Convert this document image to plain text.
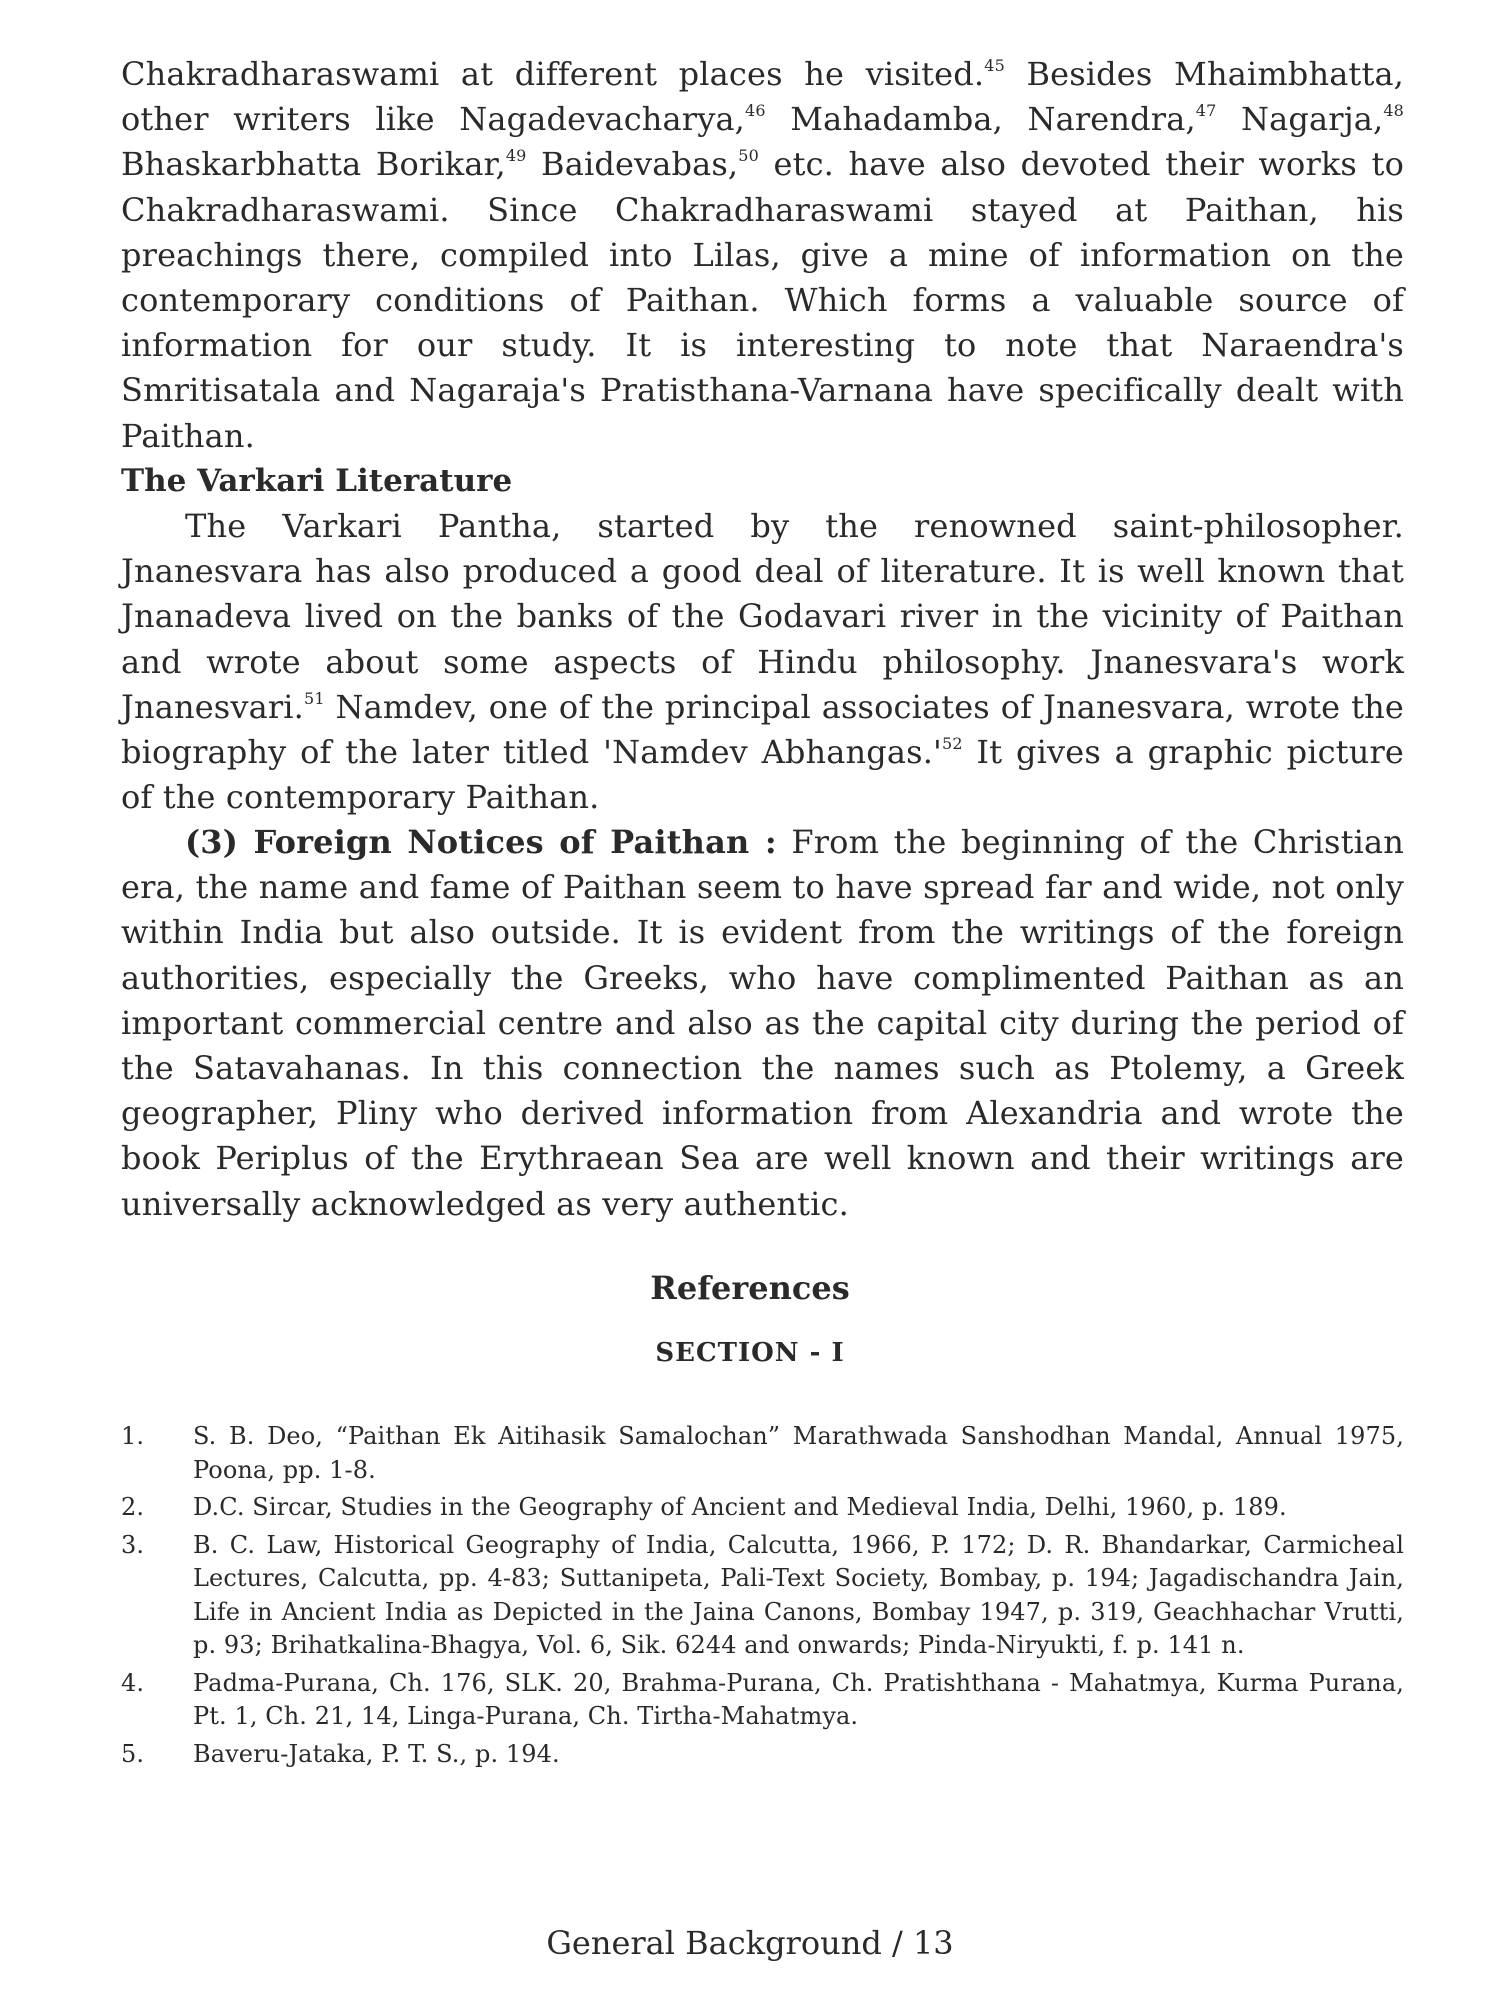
Chakradharaswami at different places he visited.$^{45}$ Besides Mhaimbhatta, other writers like Nagadevacharya,$^{46}$ Mahadamba, Narendra,$^{47}$ Nagarja,$^{48}$ Bhaskarbhatta Borikar,$^{49}$ Baidevabas,$^{50}$ etc. have also devoted their works to Chakradharaswami. Since Chakradharaswami stayed at Paithan, his preachings there, compiled into Lilas, give a mine of information on the contemporary conditions of Paithan. Which forms a valuable source of information for our study. It is interesting to note that Naraendra's Smritisatala and Nagaraja's Pratisthana-Varnana have specifically dealt with

Paithan.

The Varkari Literature

The Varkari Pantha, started by the renowned saint-philosopher. Jnanesvara has also produced a good deal of literature. It is well known that Jnanadeva lived on the banks of the Godavari river in the vicinity of Paithan and wrote about some aspects of Hindu philosophy. Jnanesvara's work Jnanesvari.$^{51}$ Namdev, one of the principal associates of Jnanesvara, wrote the biography of the later titled 'Namdev $Abhangas.'^{52}$ It gives a graphic picture of the contemporary Paithan.

(3) Foreign Notices of Paithan : From the beginning of the Christian era, the name and fame of Paithan seem to have spread far and wide, not only within India but also outside. It is evident from the writings of the foreign authorities, especially the Greeks, who have complimented Paithan as an important commercial centre and also as the capital city during the period of the Satavahanas. In this connection the names such as Ptolemy, a Greek geographer, Pliny who derived information from Alexandria and wrote the book Periplus of the Erythraean Sea are well known and their writings are universally acknowledged as very authentic.

References

SECTION - I

1. S. B. Deo, “Paithan Ek Aitihasik Samalochan” Marathwada Sanshodhan Mandal, Annual 1975, Poona, pp. 1-8.
2. D.C. Sircar, Studies in the Geography of Ancient and Medieval India, Delhi, 1960, p. 189.
3. B. C. Law, Historical Geography of India, Calcutta, 1966, P. 172; D. R. Bhandarkar, Carmicheal Lectures, Calcutta, pp. 4-83; Suttanipeta, Pali-Text Society, Bombay, p. 194; Jagadischandra Jain, Life in Ancient India as Depicted in the Jaina Canons, Bombay 1947, p. 319, Geachhachar Vrutti, p. 93; Brihatkalina-Bhagya, Vol. 6, Sik. 6244 and onwards; Pinda-Niryukti, f. p. 141 n.
4. Padma-Purana, Ch. 176, SLK. 20, Brahma-Purana, Ch. Pratishthana - Mahatmya, Kurma Purana, Pt. 1, Ch. 21, 14, Linga-Purana, Ch. Tirtha-Mahatmya.
5. Baveru-Jataka, P. T. S., p. 194.
General Background / 13
